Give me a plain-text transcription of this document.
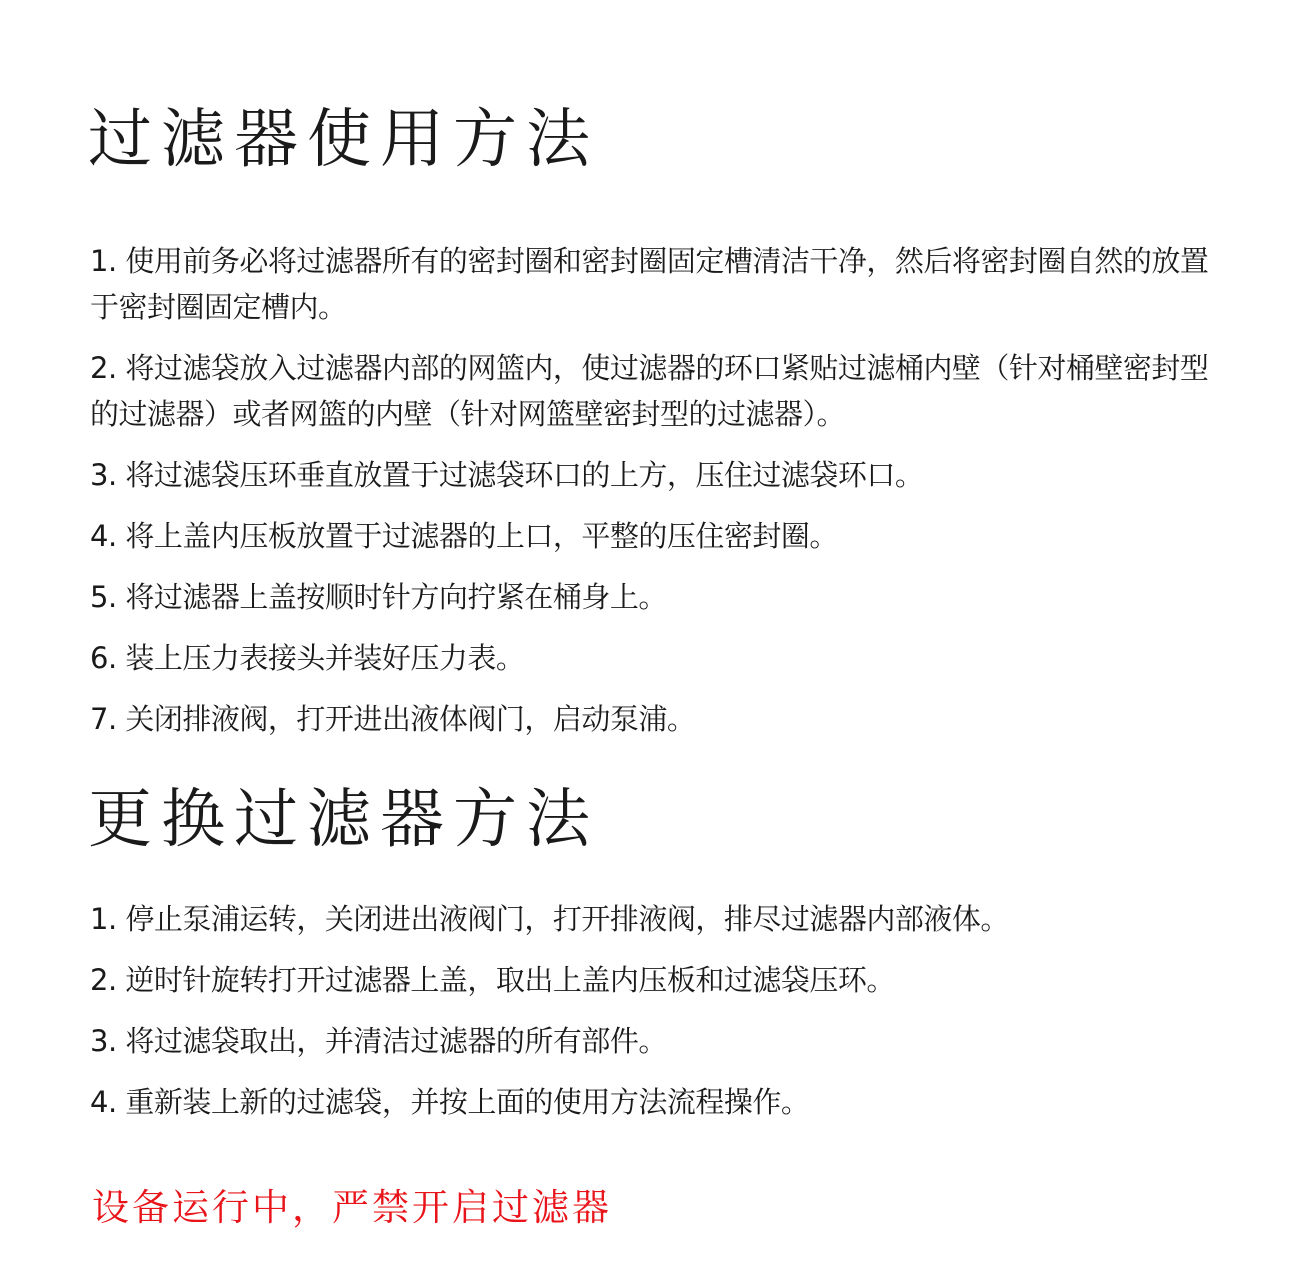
过滤器使用方法
1. 使用前务必将过滤器所有的密封圈和密封圈固定槽清洁干净，然后将密封圈自然的放置于密封圈固定槽内。
2. 将过滤袋放入过滤器内部的网篮内，使过滤器的环口紧贴过滤桶内壁（针对桶壁密封型的过滤器）或者网篮的内壁（针对网篮壁密封型的过滤器）。
3. 将过滤袋压环垂直放置于过滤袋环口的上方，压住过滤袋环口。
4. 将上盖内压板放置于过滤器的上口，平整的压住密封圈。
5. 将过滤器上盖按顺时针方向拧紧在桶身上。
6. 装上压力表接头并装好压力表。
7. 关闭排液阀，打开进出液体阀门，启动泵浦。
更换过滤器方法
1. 停止泵浦运转，关闭进出液阀门，打开排液阀，排尽过滤器内部液体。
2. 逆时针旋转打开过滤器上盖，取出上盖内压板和过滤袋压环。
3. 将过滤袋取出，并清洁过滤器的所有部件。
4. 重新装上新的过滤袋，并按上面的使用方法流程操作。

设备运行中，严禁开启过滤器
